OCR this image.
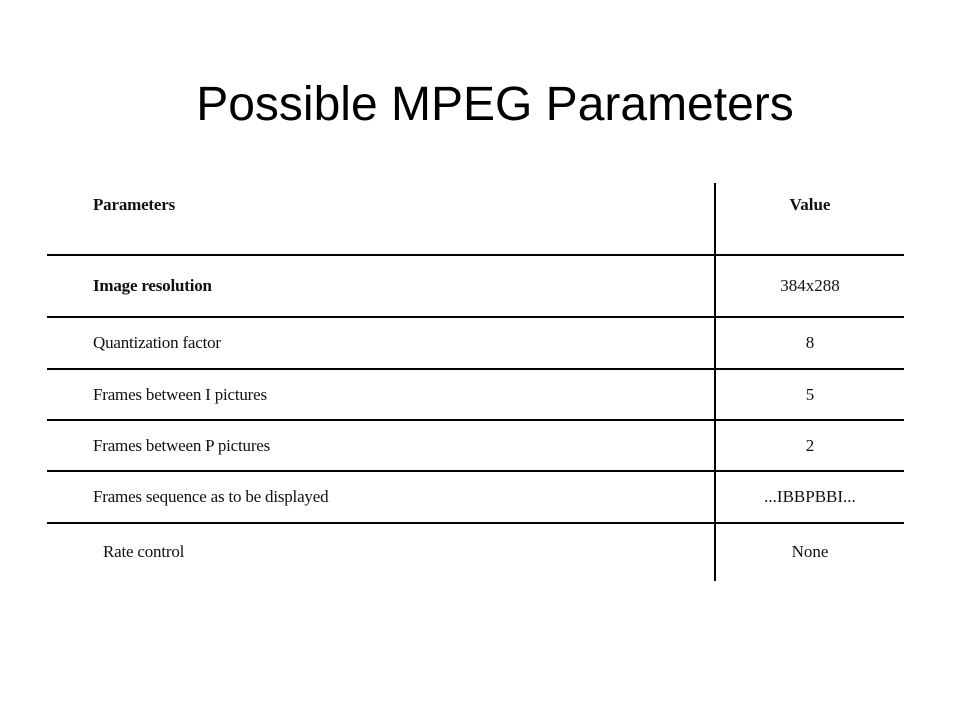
Possible MPEG Parameters
Parameters	Value
Image resolution	384x288
Quantization factor	8
Frames between I pictures	5
Frames between P pictures	2
Frames sequence as to be displayed	...IBBPBBI...
Rate control	None
